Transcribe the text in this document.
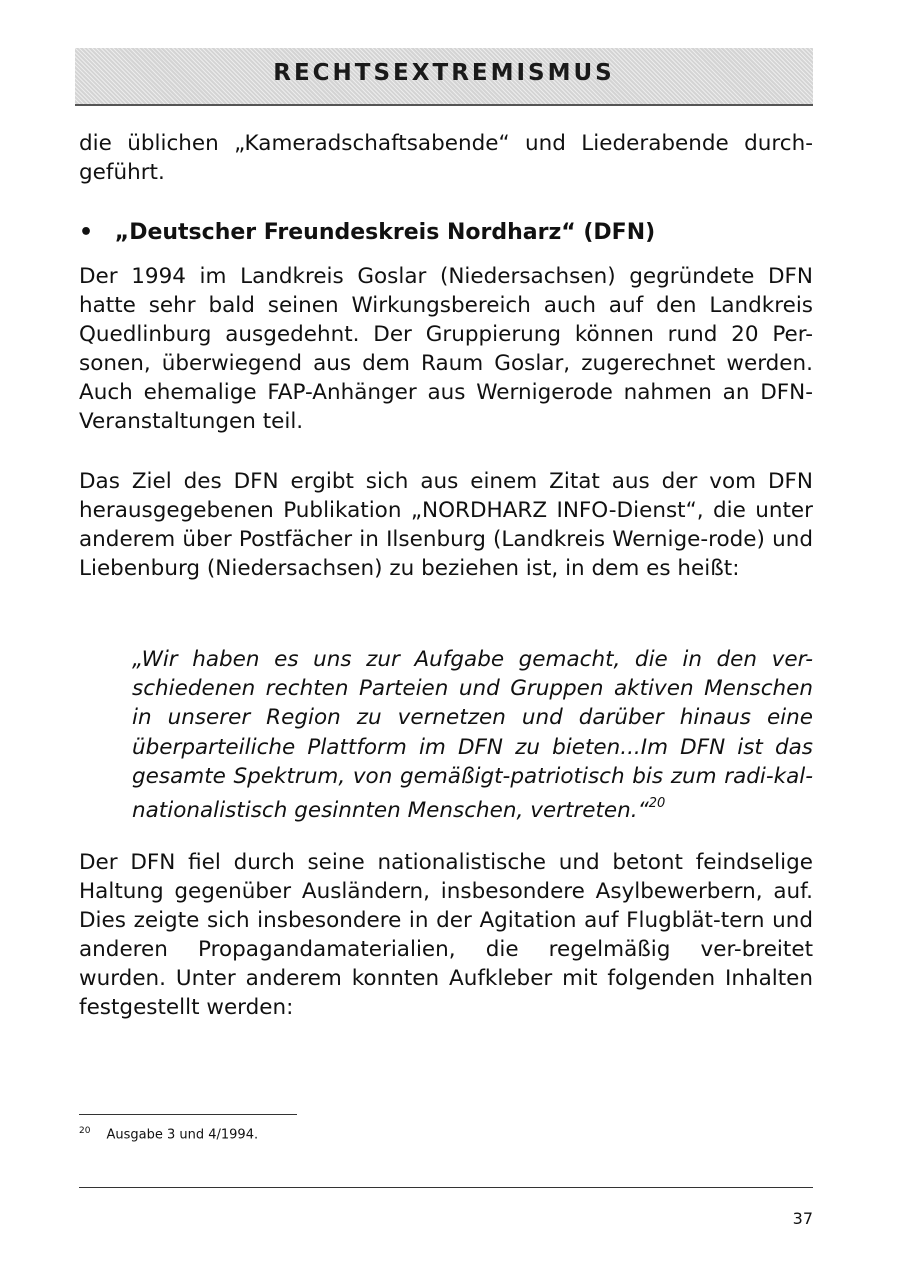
RECHTSEXTREMISMUS

die üblichen „Kameradschaftsabende“ und Liederabende durch-

geführt.

• „Deutscher Freundeskreis Nordharz“ (DFN)

Der 1994 im Landkreis Goslar (Niedersachsen) gegründete DFN hatte sehr bald seinen Wirkungsbereich auch auf den Landkreis Quedlinburg ausgedehnt. Der Gruppierung können rund 20 Per-sonen, überwiegend aus dem Raum Goslar, zugerechnet werden. Auch ehemalige FAP-Anhänger aus Wernigerode nahmen an DFN-Veranstaltungen teil.

Das Ziel des DFN ergibt sich aus einem Zitat aus der vom DFN herausgegebenen Publikation „NORDHARZ INFO-Dienst“, die unter anderem über Postfächer in Ilsenburg (Landkreis Wernige-rode) und Liebenburg (Niedersachsen) zu beziehen ist, in dem es heißt:

„Wir haben es uns zur Aufgabe gemacht, die in den ver-schiedenen rechten Parteien und Gruppen aktiven Menschen in unserer Region zu vernetzen und darüber hinaus eine überparteiliche Plattform im DFN zu bieten...Im DFN ist das gesamte Spektrum, von gemäßigt-patriotisch bis zum radi-kal-nationalistisch gesinnten Menschen, vertreten.“$^{20}$

Der DFN fiel durch seine nationalistische und betont feindselige Haltung gegenüber Ausländern, insbesondere Asylbewerbern, auf. Dies zeigte sich insbesondere in der Agitation auf Flugblät-tern und anderen Propagandamaterialien, die regelmäßig ver-breitet wurden. Unter anderem konnten Aufkleber mit folgenden Inhalten festgestellt werden:

$^{20}$ Ausgabe 3 und 4/1994.
37
